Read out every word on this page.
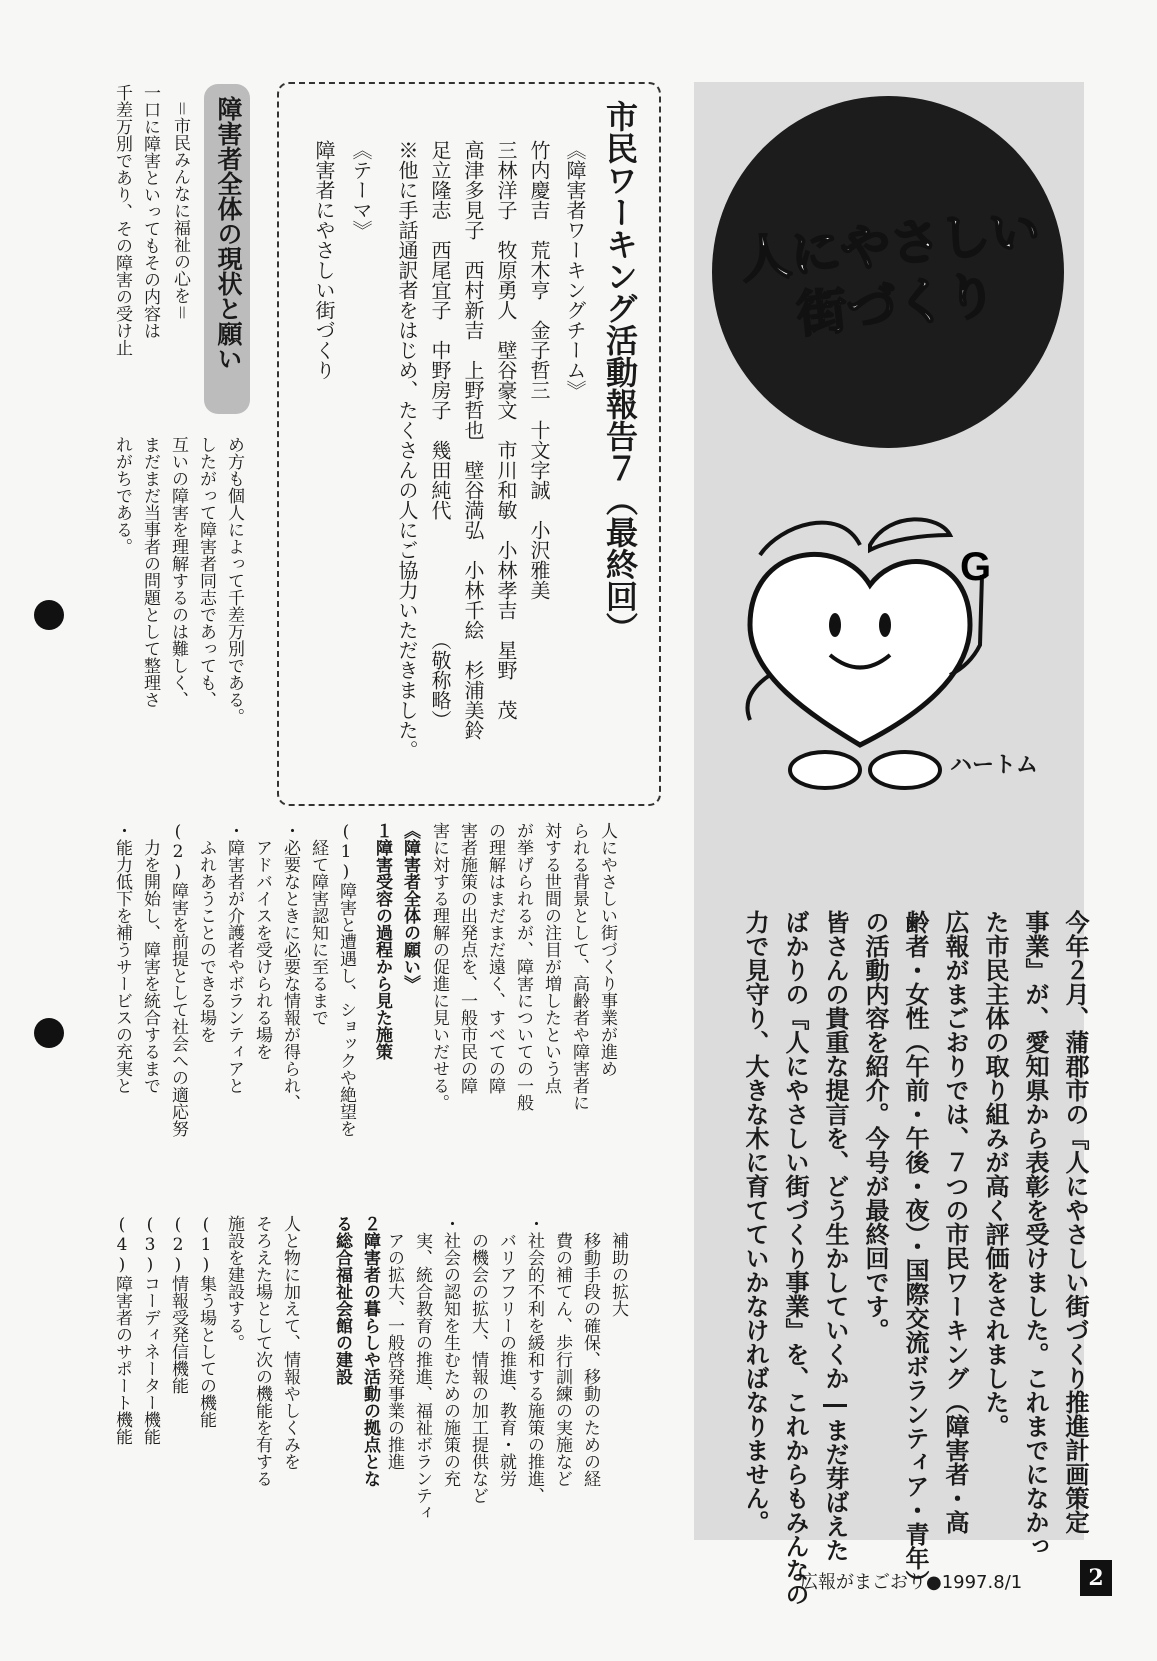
人にやさしい街づくり
G
ハートム
今年２月、蒲郡市の『人にやさしい街づくり推進計画策定
事業』が、愛知県から表彰を受けました。これまでになかっ
た市民主体の取り組みが高く評価をされました。
広報がまごおりでは、７つの市民ワーキング（障害者・高
齢者・女性（午前・午後・夜）・国際交流ボランティア・青年）
の活動内容を紹介。今号が最終回です。
皆さんの貴重な提言を、どう生かしていくか―まだ芽ばえた
ばかりの『人にやさしい街づくり事業』を、これからもみんなの
力で見守り、大きな木に育てていかなければなりません。
市民ワーキング活動報告７（最終回）
《障害者ワーキングチーム》
竹内慶吉　荒木亨　金子哲三　十文字誠　小沢雅美
三林洋子　牧原勇人　壁谷豪文　市川和敏　小林孝吉　星野　茂
高津多見子　西村新吉　上野哲也　壁谷満弘　小林千絵　杉浦美鈴
足立隆志　西尾宜子　中野房子　幾田純代　　　　　　（敬称略）
※他に手話通訳者をはじめ、たくさんの人にご協力いただきました。
《テーマ》
障害者にやさしい街づくり
障害者全体の現状と願い
＝市民みんなに福祉の心を＝
一口に障害といってもその内容は
千差万別であり、その障害の受け止
め方も個人によって千差万別である。
したがって障害者同志であっても、
互いの障害を理解するのは難しく、
まだまだ当事者の問題として整理さ
れがちである。
人にやさしい街づくり事業が進め
られる背景として、高齢者や障害者に
対する世間の注目が増したという点
が挙げられるが、障害についての一般
の理解はまだまだ遠く、すべての障
害者施策の出発点を、一般市民の障
害に対する理解の促進に見いだせる。
《障害者全体の願い》
１障害受容の過程から見た施策
(1)障害と遭遇し、ショックや絶望を
　経て障害認知に至るまで
・必要なときに必要な情報が得られ、
　アドバイスを受けられる場を
・障害者が介護者やボランティアと
　ふれあうことのできる場を
(2)障害を前提として社会への適応努
　力を開始し、障害を統合するまで
・能力低下を補うサービスの充実と
　補助の拡大
　移動手段の確保、移動のための経
　費の補てん、歩行訓練の実施など
・社会的不利を緩和する施策の推進、
　バリアフリーの推進、教育・就労
　の機会の拡大、情報の加工提供など
・社会の認知を生むための施策の充
　実、統合教育の推進、福祉ボランティ
　アの拡大、一般啓発事業の推進
２障害者の暮らしや活動の拠点とな
る総合福祉会館の建設
人と物に加えて、情報やしくみを
そろえた場として次の機能を有する
施設を建設する。
(1)集う場としての機能
(2)情報受発信機能
(3)コーディネーター機能
(4)障害者のサポート機能
広報がまごおり●1997.8/1	2
